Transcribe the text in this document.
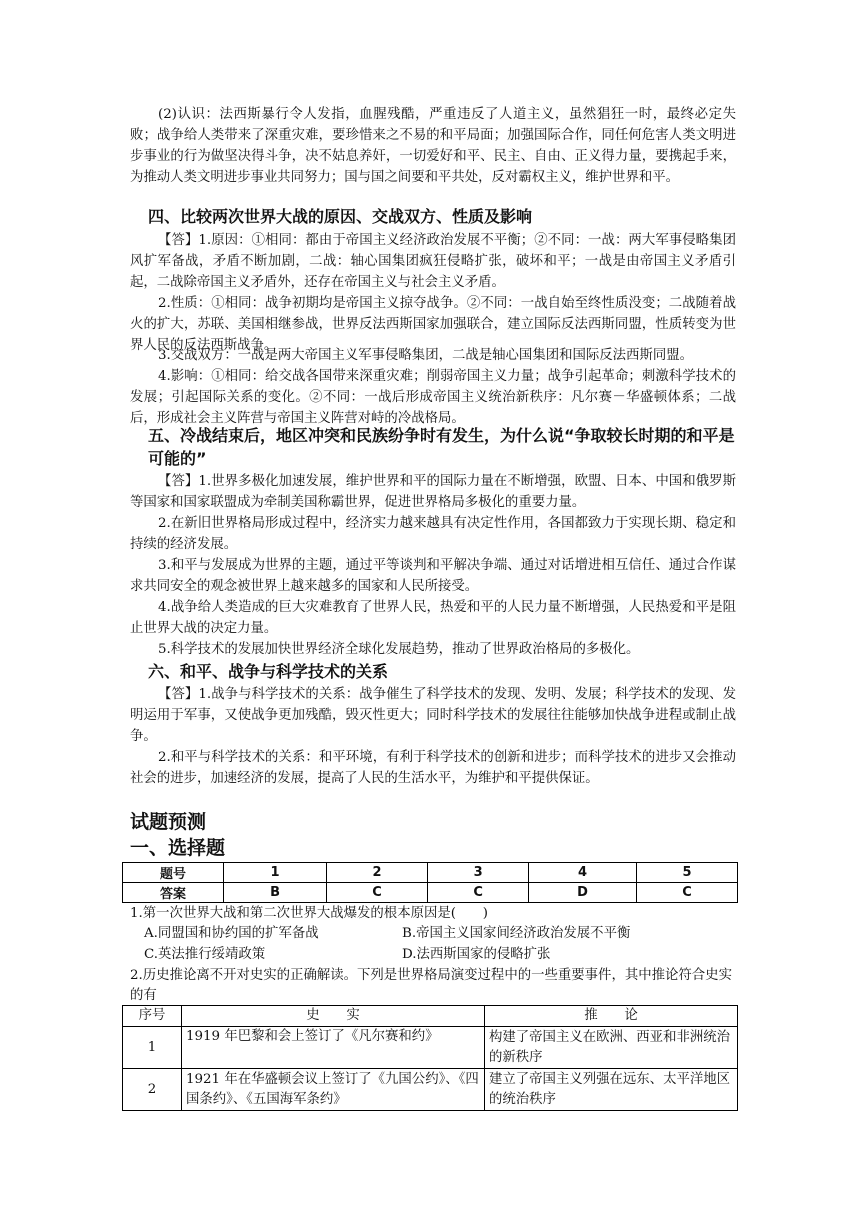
(2)认识：法西斯暴行令人发指，血腥残酷，严重违反了人道主义，虽然猖狂一时，最终必定失败；战争给人类带来了深重灾难，要珍惜来之不易的和平局面；加强国际合作，同任何危害人类文明进步事业的行为做坚决得斗争，决不姑息养奸，一切爱好和平、民主、自由、正义得力量，要携起手来，为推动人类文明进步事业共同努力；国与国之间要和平共处，反对霸权主义，维护世界和平。
四、比较两次世界大战的原因、交战双方、性质及影响
【答】1.原因：①相同：都由于帝国主义经济政治发展不平衡；②不同：一战：两大军事侵略集团风扩军备战，矛盾不断加剧，二战：轴心国集团疯狂侵略扩张，破坏和平；一战是由帝国主义矛盾引起，二战除帝国主义矛盾外，还存在帝国主义与社会主义矛盾。
2.性质：①相同：战争初期均是帝国主义掠夺战争。②不同：一战自始至终性质没变；二战随着战火的扩大，苏联、美国相继参战，世界反法西斯国家加强联合，建立国际反法西斯同盟，性质转变为世界人民的反法西斯战争。
3.交战双方：一战是两大帝国主义军事侵略集团，二战是轴心国集团和国际反法西斯同盟。
4.影响：①相同：给交战各国带来深重灾难；削弱帝国主义力量；战争引起革命；刺激科学技术的发展；引起国际关系的变化。②不同：一战后形成帝国主义统治新秩序：凡尔赛－华盛顿体系；二战后，形成社会主义阵营与帝国主义阵营对峙的冷战格局。
五、冷战结束后，地区冲突和民族纷争时有发生，为什么说“争取较长时期的和平是可能的”
【答】1.世界多极化加速发展，维护世界和平的国际力量在不断增强，欧盟、日本、中国和俄罗斯等国家和国家联盟成为牵制美国称霸世界，促进世界格局多极化的重要力量。
2.在新旧世界格局形成过程中，经济实力越来越具有决定性作用，各国都致力于实现长期、稳定和持续的经济发展。
3.和平与发展成为世界的主题，通过平等谈判和平解决争端、通过对话增进相互信任、通过合作谋求共同安全的观念被世界上越来越多的国家和人民所接受。
4.战争给人类造成的巨大灾难教育了世界人民，热爱和平的人民力量不断增强，人民热爱和平是阻止世界大战的决定力量。
5.科学技术的发展加快世界经济全球化发展趋势，推动了世界政治格局的多极化。
六、和平、战争与科学技术的关系
【答】1.战争与科学技术的关系：战争催生了科学技术的发现、发明、发展；科学技术的发现、发明运用于军事，又使战争更加残酷，毁灭性更大；同时科学技术的发展往往能够加快战争进程或制止战争。
2.和平与科学技术的关系：和平环境，有利于科学技术的创新和进步；而科学技术的进步又会推动社会的进步，加速经济的发展，提高了人民的生活水平，为维护和平提供保证。
试题预测
一、选择题
题号	1	2	3	4	5
答案	B	C	C	D	C
1.第一次世界大战和第二次世界大战爆发的根本原因是(　　)
A.同盟国和协约国的扩军备战	B.帝国主义国家间经济政治发展不平衡
C.英法推行绥靖政策	D.法西斯国家的侵略扩张
2.历史推论离不开对史实的正确解读。下列是世界格局演变过程中的一些重要事件，其中推论符合史实的有
序号	史　　实	推　　论
1	1919 年巴黎和会上签订了《凡尔赛和约》	构建了帝国主义在欧洲、西亚和非洲统治的新秩序
2	1921 年在华盛顿会议上签订了《九国公约》、《四国条约》、《五国海军条约》	建立了帝国主义列强在远东、太平洋地区的统治秩序
